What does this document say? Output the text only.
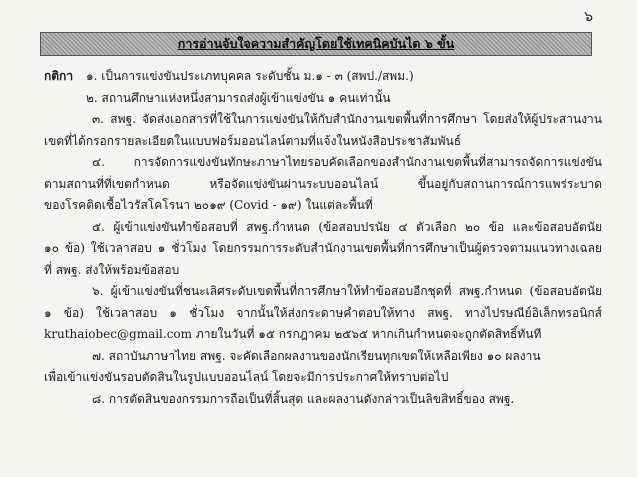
๖
การอ่านจับใจความสำคัญโดยใช้เทคนิคบันได ๖ ขั้น
กติกา ๑. เป็นการแข่งขันประเภทบุคคล ระดับชั้น ม.๑ - ๓ (สพป./สพม.)
๒. สถานศึกษาแห่งหนึ่งสามารถส่งผู้เข้าแข่งขัน ๑ คนเท่านั้น
๓. สพฐ. จัดส่งเอกสารที่ใช้ในการแข่งขันให้กับสำนักงานเขตพื้นที่การศึกษา โดยส่งให้ผู้ประสานงาน
เขตที่ได้กรอกรายละเอียดในแบบฟอร์มออนไลน์ตามที่แจ้งในหนังสือประชาสัมพันธ์
๔. การจัดการแข่งขันทักษะภาษาไทยรอบคัดเลือกของสำนักงานเขตพื้นที่สามารถจัดการแข่งขัน
ตามสถานที่ที่เขตกำหนด หรือจัดแข่งขันผ่านระบบออนไลน์ ขึ้นอยู่กับสถานการณ์การแพร่ระบาด
ของโรคติดเชื้อไวรัสโคโรนา ๒๐๑๙ (Covid - ๑๙) ในแต่ละพื้นที่
๕. ผู้เข้าแข่งขันทำข้อสอบที่ สพฐ.กำหนด (ข้อสอบปรนัย ๔ ตัวเลือก ๒๐ ข้อ และข้อสอบอัตนัย
๑๐ ข้อ) ใช้เวลาสอบ ๑ ชั่วโมง โดยกรรมการระดับสำนักงานเขตพื้นที่การศึกษาเป็นผู้ตรวจตามแนวทางเฉลย
ที่ สพฐ. ส่งให้พร้อมข้อสอบ
๖. ผู้เข้าแข่งขันที่ชนะเลิศระดับเขตพื้นที่การศึกษาให้ทำข้อสอบอีกชุดที่ สพฐ.กำหนด (ข้อสอบอัตนัย
๑ ข้อ) ใช้เวลาสอบ ๑ ชั่วโมง จากนั้นให้ส่งกระดาษคำตอบให้ทาง สพฐ. ทางไปรษณีย์อิเล็กทรอนิกส์
kruthaiobec@gmail.com ภายในวันที่ ๑๕ กรกฎาคม ๒๕๖๕ หากเกินกำหนดจะถูกตัดสิทธิ์ทันที
๗. สถาบันภาษาไทย สพฐ. จะคัดเลือกผลงานของนักเรียนทุกเขตให้เหลือเพียง ๑๐ ผลงาน
เพื่อเข้าแข่งขันรอบตัดสินในรูปแบบออนไลน์ โดยจะมีการประกาศให้ทราบต่อไป
๘. การตัดสินของกรรมการถือเป็นที่สิ้นสุด และผลงานดังกล่าวเป็นลิขสิทธิ์ของ สพฐ.
